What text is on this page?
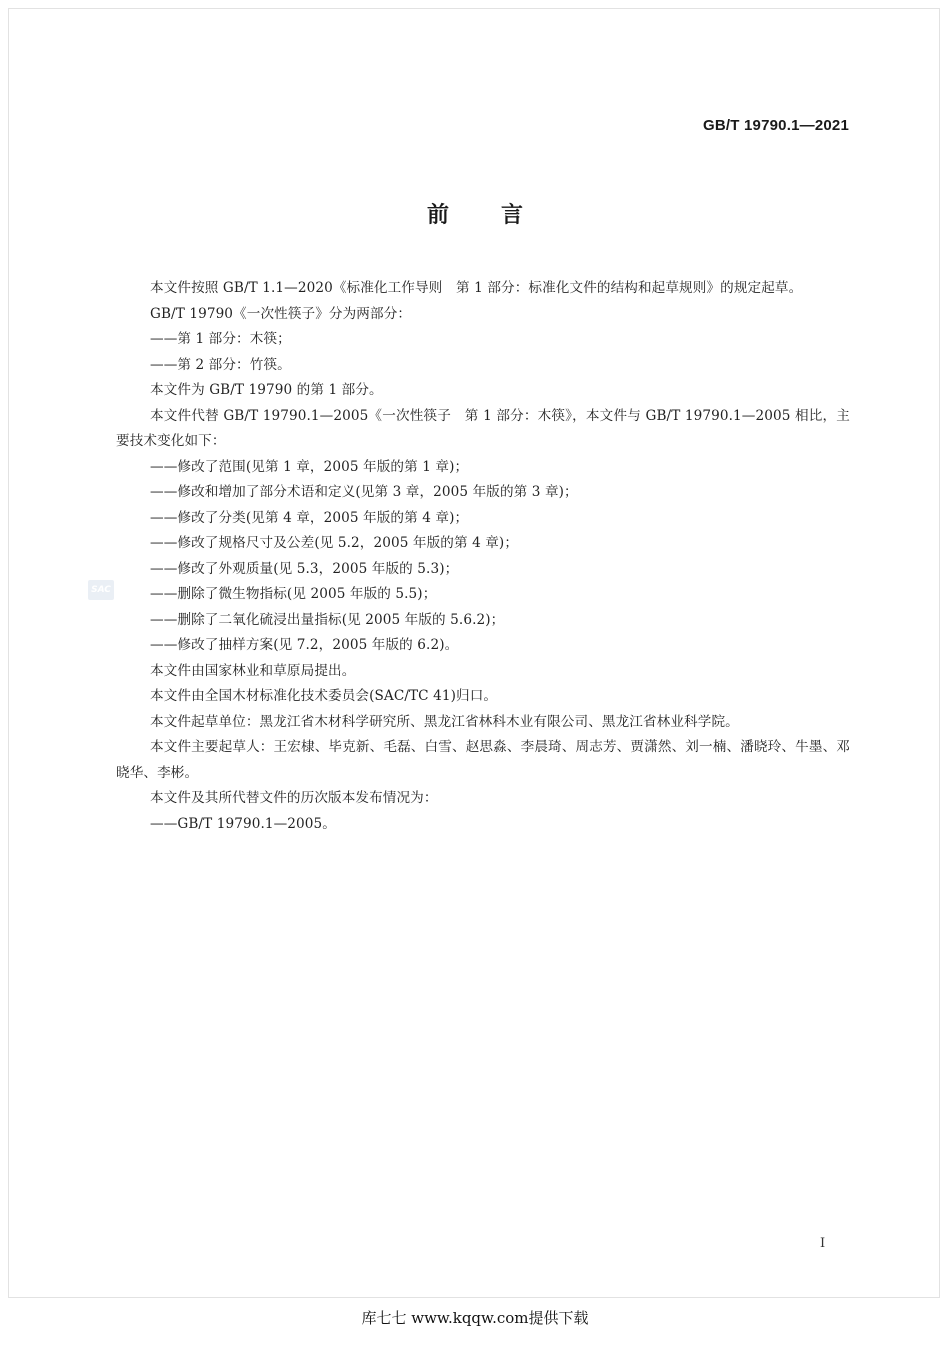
GB/T 19790.1—2021
前言
SAC

本文件按照 GB/T 1.1—2020《标准化工作导则　第 1 部分：标准化文件的结构和起草规则》的规定起草。

GB/T 19790《一次性筷子》分为两部分：

——第 1 部分：木筷；

——第 2 部分：竹筷。

本文件为 GB/T 19790 的第 1 部分。

本文件代替 GB/T 19790.1—2005《一次性筷子　第 1 部分：木筷》，本文件与 GB/T 19790.1—2005 相比，主要技术变化如下：

——修改了范围(见第 1 章，2005 年版的第 1 章)；

——修改和增加了部分术语和定义(见第 3 章，2005 年版的第 3 章)；

——修改了分类(见第 4 章，2005 年版的第 4 章)；

——修改了规格尺寸及公差(见 5.2，2005 年版的第 4 章)；

——修改了外观质量(见 5.3，2005 年版的 5.3)；

——删除了微生物指标(见 2005 年版的 5.5)；

——删除了二氧化硫浸出量指标(见 2005 年版的 5.6.2)；

——修改了抽样方案(见 7.2，2005 年版的 6.2)。

本文件由国家林业和草原局提出。

本文件由全国木材标准化技术委员会(SAC/TC 41)归口。

本文件起草单位：黑龙江省木材科学研究所、黑龙江省林科木业有限公司、黑龙江省林业科学院。

本文件主要起草人：王宏棣、毕克新、毛磊、白雪、赵思淼、李晨琦、周志芳、贾潇然、刘一楠、潘晓玲、牛墨、邓晓华、李彬。

本文件及其所代替文件的历次版本发布情况为：

——GB/T 19790.1—2005。

I
库七七 www.kqqw.com提供下载
